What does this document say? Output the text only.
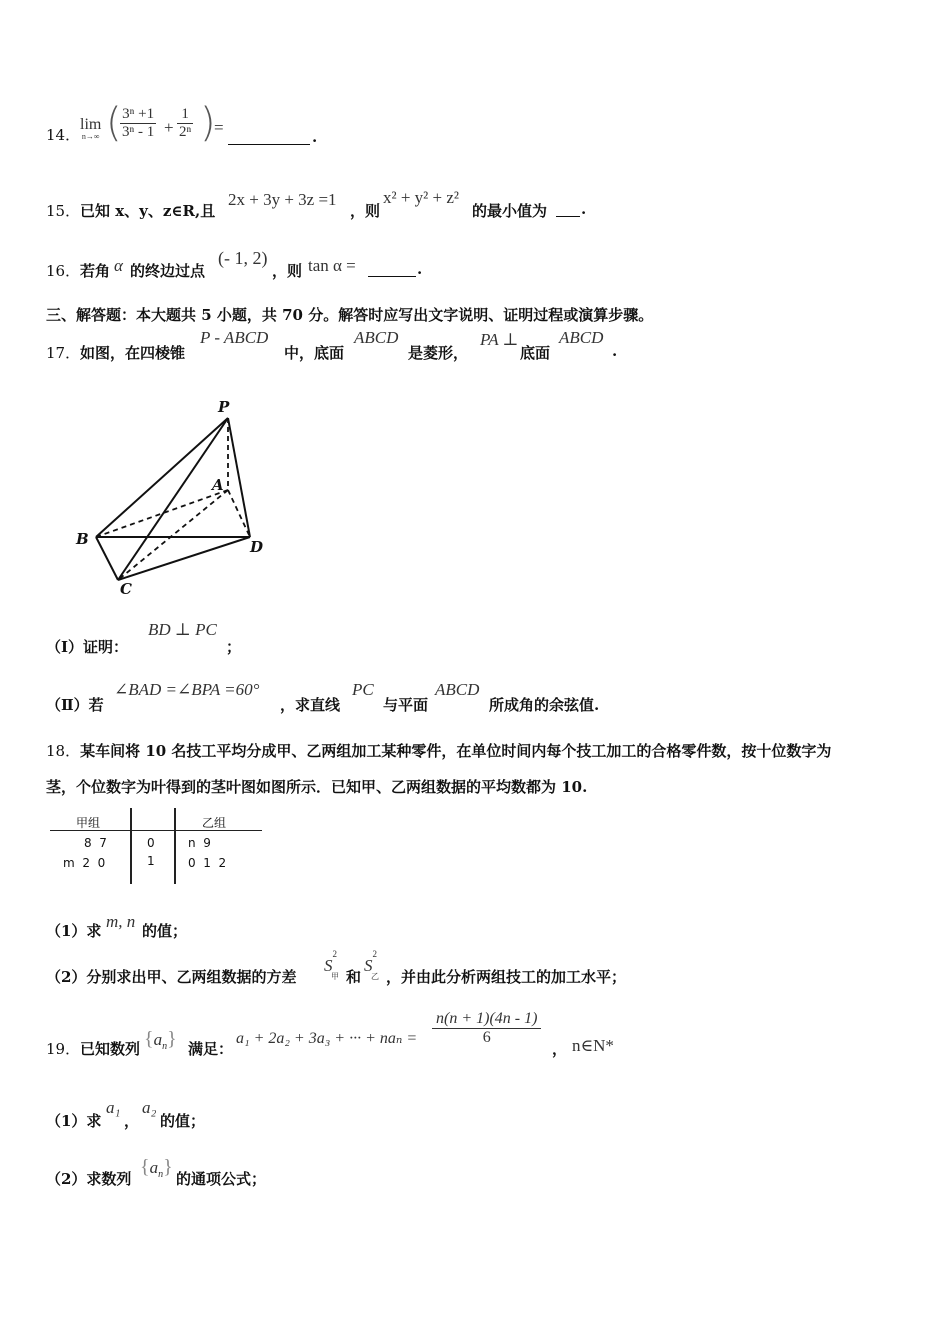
14．
lim
n→∞ (
$\frac{\text{3ⁿ +1}}{\text{3ⁿ - 1}} + \frac{1}{\text{2ⁿ}}$ )
=	.
15． 已知 x、y、z∈R,且
2x + 3y + 3z =1
，则
x² + y² + z²
的最小值为 .
16． 若角 α 的终边过点
(- 1, 2)
，则 tan α =	.
三、解答题：本大题共 5 小题，共 70 分。解答时应写出文字说明、证明过程或演算步骤。
17． 如图，在四棱锥
P - ABCD
中，底面
ABCD
是菱形，
PA ⊥
底面
ABCD
.
P
A
B
C
D
（Ⅰ）证明：
BD ⊥ PC
；
（Ⅱ）若
∠BAD =∠BPA =60°
，求直线
PC
与平面
ABCD
所成角的余弦值.
18．某车间将 10 名技工平均分成甲、乙两组加工某种零件，在单位时间内每个技工加工的合格零件数，按十位数字为
茎，个位数字为叶得到的茎叶图如图所示．已知甲、乙两组数据的平均数都为 10.
甲组	乙组
8  7	0	n  9
m  2  0	1	0  1  2
（1）求 m, n 的值；
（2）分别求出甲、乙两组数据的方差
$S^2_甲$ 和
$S^2_乙$ ，并由此分析两组技工的加工水平；
19． 已知数列 $\{a_n\}$ 满足：
a₁ + 2a₂ + 3a₃ + ··· + $na_n = \frac{n(n + 1)(4n - 1)}{6}$
， n∈N*
（1）求
a₁
，
a₂
的值；
（2）求数列
$\{a_n\}$
的通项公式；
